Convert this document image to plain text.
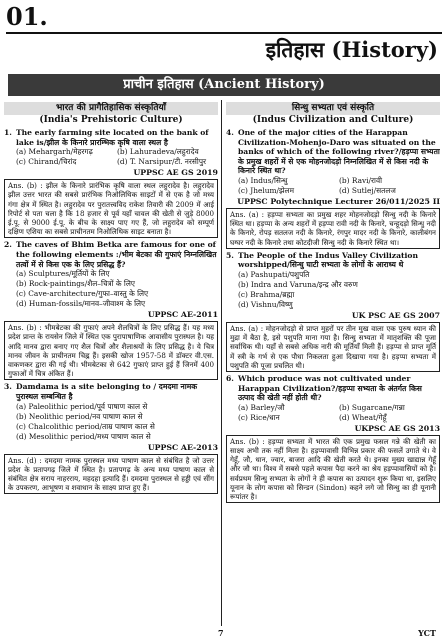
01.
इतिहास (History)
प्राचीन इतिहास (Ancient History)
भारत की प्रागैतिहासिक संस्कृतियाँ
(India's Prehistoric Culture)
1. The early farming site located on the bank of lake is/झील के किनारे प्रारम्भिक कृषि वाला स्थल है
(a) Mehargarh/मेहरगढ़	(b) Lahuradeva/लहुरादेव
(c) Chirand/चिरांद	(d) T. Narsipur/टी. नरसीपुर
UPPSC AE GS 2019
Ans. (b) : झील के किनारे प्रारंभिक कृषि वाला स्थल लहुरादेव है। लहुरादेव झील उत्तर भारत की सबसे प्रारंभिक निओलिथिक साइटों में से एक है जो मध्य गंगा क्षेत्र में स्थित है। लहुरादेव पर पुरातत्त्वविद राकेश तिवारी की 2009 में आई रिपोर्ट से पता चला है कि 18 हजार से पूर्व यहाँ चावल की खेती से जुड़े 8000 ई.पू. से 9000 ई.पू. के बीच के साक्ष्य पाए गए हैं, जो लहुरादेव को सम्पूर्ण दक्षिण एशिया का सबसे प्राचीनतम निओलिथिक साइट बनाता है।
2. The caves of Bhim Betka are famous for one of the following elements :/भीम बेटका की गुफाएं निम्नलिखित तत्वों में से किस एक के लिए प्रसिद्ध हैं?
(a) Sculptures/मूर्तियों के लिए
(b) Rock-paintings/शैल–चित्रों के लिए
(c) Cave-architecture/गुफा–वास्तु के लिए
(d) Human-fossils/मानव–जीवाश्म के लिए
UPPSC AE-2011
Ans. (b) : भीमबेटका की गुफाएं अपने शैलचित्रों के लिए प्रसिद्ध हैं। यह मध्य प्रदेश प्रान्त के रायसेन जिले में स्थित एक पुरापाषाणिक आवासीय पुरास्थल है। यह आदि मानव द्वारा बनाए गए शैल चित्रों और शैलाश्रयों के लिए प्रसिद्ध है। ये चित्र मानव जीवन के प्राचीनतम चिह्न हैं। इसकी खोज 1957-58 में डॉक्टर वी.एस. वाकणकर द्वारा की गई थी। भीमबेटका से 642 गुफाएं प्राप्त हुई हैं जिनमें 400 गुफाओं में चित्र अंकित हैं।
3. Damdama is a site belonging to / दमदमा नामक पुरास्थल सम्बन्धित है
(a) Paleolithic period/पूर्व पाषाण काल से
(b) Neolithic period/नव पाषाण काल से
(c) Chalcolithic period/ताम्र पाषाण काल से
(d) Mesolithic period/मध्य पाषाण काल से
UPPSC AE-2013
Ans. (d) : दमदमा नामक पुरास्थल मध्य पाषाण काल से संबंधित है जो उत्तर प्रदेश के प्रतापगढ़ जिले में स्थित है। प्रतापगढ़ के अन्य मध्य पाषाण काल से संबंधित क्षेत्र सराय नाहरराय, महदहा इत्यादि हैं। दमदमा पुरास्थल से हड्डी एवं सींग के उपकरण, आभूषण व शवाधान के साक्ष्य प्राप्त हुए हैं।
सिन्धु सभ्यता एवं संस्कृति
(Indus Civilization and Culture)
4. One of the major cities of the Harappan Civilization-Mohenjo-Daro was situated on the banks of which of the following river?/हड़प्पा सभ्यता के प्रमुख शहरों में से एक मोहनजोदड़ो निम्नलिखित में से किस नदी के किनारे स्थित था?
(a) Indus/सिन्धु	(b) Ravi/रावी
(c) Jhelum/झेलम	(d) Sutlej/सतलज
UPPSC Polytechnique Lecturer 26/011/2025 II
Ans. (a) : हड़प्पा सभ्यता का प्रमुख शहर मोहनजोदड़ो सिन्धु नदी के किनारे स्थित था। हड़प्पा के अन्य शहरों में हड़प्पा रावी नदी के किनारे, चन्हूदड़ो सिन्धु नदी के किनारे, रोपड़ सतलज नदी के किनारे, रंगपुर मादर नदी के किनारे, कालीबंगन घग्घर नदी के किनारे तथा कोटदीजी सिन्धु नदी के किनारे स्थित था।
5. The People of the Indus Valley Civilization worshipped/सिन्धु घाटी सभ्यता के लोगों के आराध्य थे
(a) Pashupati/पशुपति
(b) Indra and Varuna/इन्द्र और वरुण
(c) Brahma/ब्रह्मा
(d) Vishnu/विष्णु
UK PSC AE GS 2007
Ans. (a) : मोहनजोदड़ो से प्राप्त मुहरों पर तीन मुख वाला एक पुरुष ध्यान की मुद्रा में बैठा है, इसे पशुपति माना गया है। सिन्धु सभ्यता में मातृशक्ति की पूजा सर्वाधिक थी। यहाँ से सबसे अधिक नारी की मूर्तियाँ मिली हैं। हड़प्पा से प्राप्त मूर्ति में स्त्री के गर्भ से एक पौधा निकलता हुआ दिखाया गया है। हड़प्पा सभ्यता में पशुपति की पूजा प्रचलित थी।
6. Which produce was not cultivated under Harappan Civilization?/हड़प्पा सभ्यता के अंतर्गत किस उत्पाद की खेती नहीं होती थी?
(a) Barley/जौ	(b) Sugarcane/गन्ना
(c) Rice/धान	(d) Wheat/गेहूँ
UKPSC AE GS 2013
Ans. (b) : हड़प्पा सभ्यता में भारत की एक प्रमुख फसल गन्ने की खेती का साक्ष्य अभी तक नहीं मिला है। हड़प्पावासी विभिन्न प्रकार की फसलें उगाते थे। वे गेहूँ, जौ, धान, ज्वार, बाजरा आदि की खेती करते थे। इनका मुख्य खाद्यान्न गेहूँ और जौ था। विश्व में सबसे पहले कपास पैदा करने का श्रेय हड़प्पावासियों को है। सर्वप्रथम सिन्धु सभ्यता के लोगों ने ही कपास का उत्पादन शुरू किया था, इसलिए यूनान के लोग कपास को सिन्डन (Sindon) कहने लगे जो सिन्धु का ही यूनानी रूपांतर है।
7	YCT
